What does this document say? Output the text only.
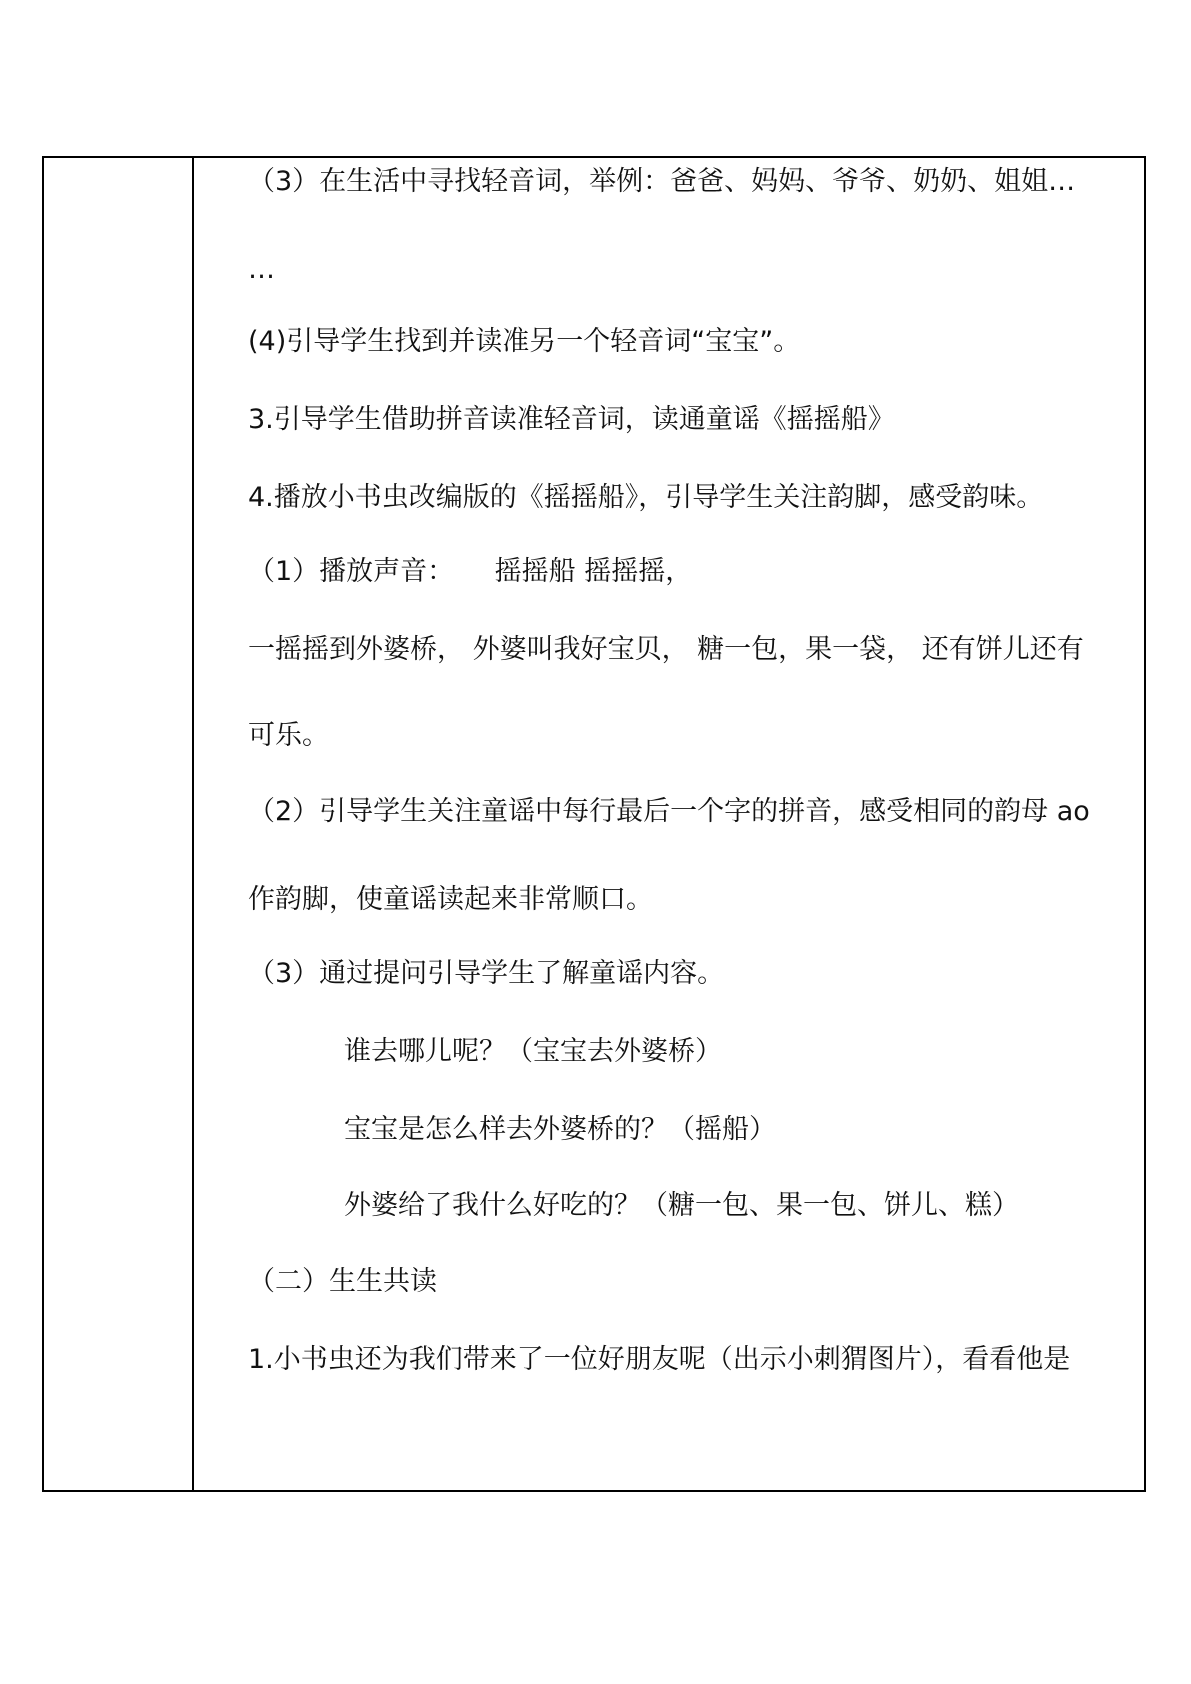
（3）在生活中寻找轻音词，举例：爸爸、妈妈、爷爷、奶奶、姐姐…
…
(4)引导学生找到并读准另一个轻音词“宝宝”。
3.引导学生借助拼音读准轻音词，读通童谣《摇摇船》
4.播放小书虫改编版的《摇摇船》，引导学生关注韵脚，感受韵味。
（1）播放声音：　　摇摇船 摇摇摇，
一摇摇到外婆桥， 外婆叫我好宝贝， 糖一包，果一袋， 还有饼儿还有
可乐。
（2）引导学生关注童谣中每行最后一个字的拼音，感受相同的韵母 ao
作韵脚，使童谣读起来非常顺口。
（3）通过提问引导学生了解童谣内容。
谁去哪儿呢？（宝宝去外婆桥）
宝宝是怎么样去外婆桥的？（摇船）
外婆给了我什么好吃的？（糖一包、果一包、饼儿、糕）
（二）生生共读
1.小书虫还为我们带来了一位好朋友呢（出示小刺猬图片），看看他是
